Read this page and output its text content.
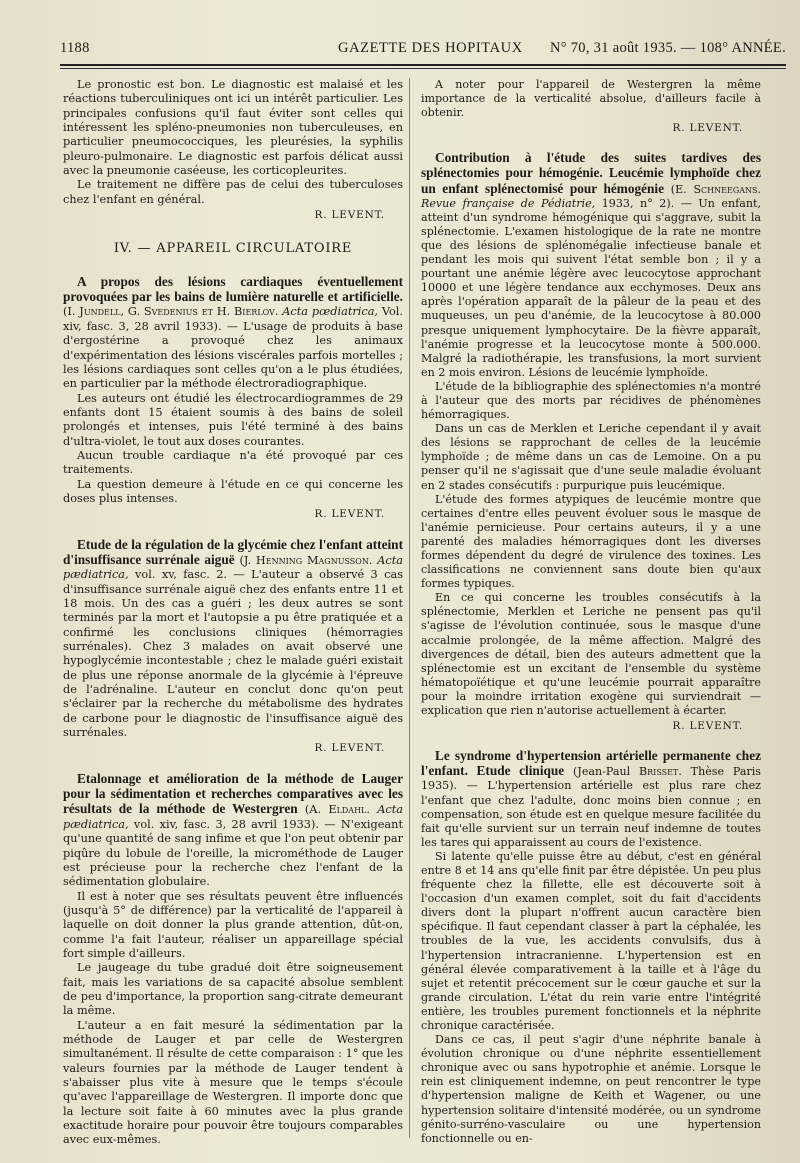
1188	GAZETTE DES HOPITAUX N° 70, 31 août 1935. — 108° ANNÉE.

Le pronostic est bon. Le diagnostic est malaisé et les réactions tuberculiniques ont ici un intérêt particulier. Les principales confusions qu'il faut éviter sont celles qui intéressent les spléno-pneumonies non tuberculeuses, en particulier pneumococciques, les pleurésies, la syphilis pleuro-pulmonaire. Le diagnostic est parfois délicat aussi avec la pneumonie caséeuse, les corticopleurites.

Le traitement ne diffère pas de celui des tuberculoses chez l'enfant en général.

R. LEVENT.
IV. — APPAREIL CIRCULATOIRE

A propos des lésions cardiaques éventuellement provoquées par les bains de lumière naturelle et artificielle. (I. Jundell, G. Svedenius et H. Bierlov. Acta pœdiatrica, Vol. xiv, fasc. 3, 28 avril 1933). — L'usage de produits à base d'ergostérine a provoqué chez les animaux d'expérimentation des lésions viscérales parfois mortelles ; les lésions cardiaques sont celles qu'on a le plus étudiées, en particulier par la méthode électroradiographique.

Les auteurs ont étudié les électrocardiogrammes de 29 enfants dont 15 étaient soumis à des bains de soleil prolongés et intenses, puis l'été terminé à des bains d'ultra-violet, le tout aux doses courantes.

Aucun trouble cardiaque n'a été provoqué par ces traitements.

La question demeure à l'étude en ce qui concerne les doses plus intenses.

R. LEVENT.

Etude de la régulation de la glycémie chez l'enfant atteint d'insuffisance surrénale aiguë (J. Henning Magnusson. Acta pædiatrica, vol. xv, fasc. 2. — L'auteur a observé 3 cas d'insuffisance surrénale aiguë chez des enfants entre 11 et 18 mois. Un des cas a guéri ; les deux autres se sont terminés par la mort et l'autopsie a pu être pratiquée et a confirmé les conclusions cliniques (hémorragies surrénales). Chez 3 malades on avait observé une hypoglycémie incontestable ; chez le malade guéri existait de plus une réponse anormale de la glycémie à l'épreuve de l'adrénaline. L'auteur en conclut donc qu'on peut s'éclairer par la recherche du métabolisme des hydrates de carbone pour le diagnostic de l'insuffisance aiguë des surrénales.

R. LEVENT.

Etalonnage et amélioration de la méthode de Lauger pour la sédimentation et recherches comparatives avec les résultats de la méthode de Westergren (A. Eldahl. Acta pædiatrica, vol. xiv, fasc. 3, 28 avril 1933). — N'exigeant qu'une quantité de sang infime et que l'on peut obtenir par piqûre du lobule de l'oreille, la microméthode de Lauger est précieuse pour la recherche chez l'enfant de la sédimentation globulaire.

Il est à noter que ses résultats peuvent être influencés (jusqu'à 5° de différence) par la verticalité de l'appareil à laquelle on doit donner la plus grande attention, dût-on, comme l'a fait l'auteur, réaliser un appareillage spécial fort simple d'ailleurs.

Le jaugeage du tube gradué doit être soigneusement fait, mais les variations de sa capacité absolue semblent de peu d'importance, la proportion sang-citrate demeurant la même.

L'auteur a en fait mesuré la sédimentation par la méthode de Lauger et par celle de Westergren simultanément. Il résulte de cette comparaison : 1° que les valeurs fournies par la méthode de Lauger tendent à s'abaisser plus vite à mesure que le temps s'écoule qu'avec l'appareillage de Westergren. Il importe donc que la lecture soit faite à 60 minutes avec la plus grande exactitude horaire pour pouvoir être toujours comparables avec eux-mêmes.

A noter pour l'appareil de Westergren la même importance de la verticalité absolue, d'ailleurs facile à obtenir.

R. LEVENT.

Contribution à l'étude des suites tardives des splénectomies pour hémogénie. Leucémie lymphoïde chez un enfant splénectomisé pour hémogénie (E. Schneegans. Revue française de Pédiatrie, 1933, n° 2). — Un enfant, atteint d'un syndrome hémogénique qui s'aggrave, subit la splénectomie. L'examen histologique de la rate ne montre que des lésions de splénomégalie infectieuse banale et pendant les mois qui suivent l'état semble bon ; il y a pourtant une anémie légère avec leucocytose approchant 10000 et une légère tendance aux ecchymoses. Deux ans après l'opération apparaît de la pâleur de la peau et des muqueuses, un peu d'anémie, de la leucocytose à 80.000 presque uniquement lymphocytaire. De la fièvre apparaît, l'anémie progresse et la leucocytose monte à 500.000. Malgré la radiothérapie, les transfusions, la mort survient en 2 mois environ. Lésions de leucémie lymphoïde.

L'étude de la bibliographie des splénectomies n'a montré à l'auteur que des morts par récidives de phénomènes hémorragiques.

Dans un cas de Merklen et Leriche cependant il y avait des lésions se rapprochant de celles de la leucémie lymphoïde ; de même dans un cas de Lemoine. On a pu penser qu'il ne s'agissait que d'une seule maladie évoluant en 2 stades consécutifs : purpurique puis leucémique.

L'étude des formes atypiques de leucémie montre que certaines d'entre elles peuvent évoluer sous le masque de l'anémie pernicieuse. Pour certains auteurs, il y a une parenté des maladies hémorragiques dont les diverses formes dépendent du degré de virulence des toxines. Les classifications ne conviennent sans doute bien qu'aux formes typiques.

En ce qui concerne les troubles consécutifs à la splénectomie, Merklen et Leriche ne pensent pas qu'il s'agisse de l'évolution continuée, sous le masque d'une accalmie prolongée, de la même affection. Malgré des divergences de détail, bien des auteurs admettent que la splénectomie est un excitant de l'ensemble du système hématopoïétique et qu'une leucémie pourrait apparaître pour la moindre irritation exogène qui surviendrait — explication que rien n'autorise actuellement à écarter.

R. LEVENT.

Le syndrome d'hypertension artérielle permanente chez l'enfant. Etude clinique (Jean-Paul Brisset. Thèse Paris 1935). — L'hypertension artérielle est plus rare chez l'enfant que chez l'adulte, donc moins bien connue ; en compensation, son étude est en quelque mesure facilitée du fait qu'elle survient sur un terrain neuf indemne de toutes les tares qui apparaissent au cours de l'existence.

Si latente qu'elle puisse être au début, c'est en général entre 8 et 14 ans qu'elle finit par être dépistée. Un peu plus fréquente chez la fillette, elle est découverte soit à l'occasion d'un examen complet, soit du fait d'accidents divers dont la plupart n'offrent aucun caractère bien spécifique. Il faut cependant classer à part la céphalée, les troubles de la vue, les accidents convulsifs, dus à l'hypertension intracranienne. L'hypertension est en général élevée comparativement à la taille et à l'âge du sujet et retentit précocement sur le cœur gauche et sur la grande circulation. L'état du rein varie entre l'intégrité entière, les troubles purement fonctionnels et la néphrite chronique caractérisée.

Dans ce cas, il peut s'agir d'une néphrite banale à évolution chronique ou d'une néphrite essentiellement chronique avec ou sans hypotrophie et anémie. Lorsque le rein est cliniquement indemne, on peut rencontrer le type d'hypertension maligne de Keith et Wagener, ou une hypertension solitaire d'intensité modérée, ou un syndrome génito-surréno-vasculaire ou une hypertension fonctionnelle ou en-
